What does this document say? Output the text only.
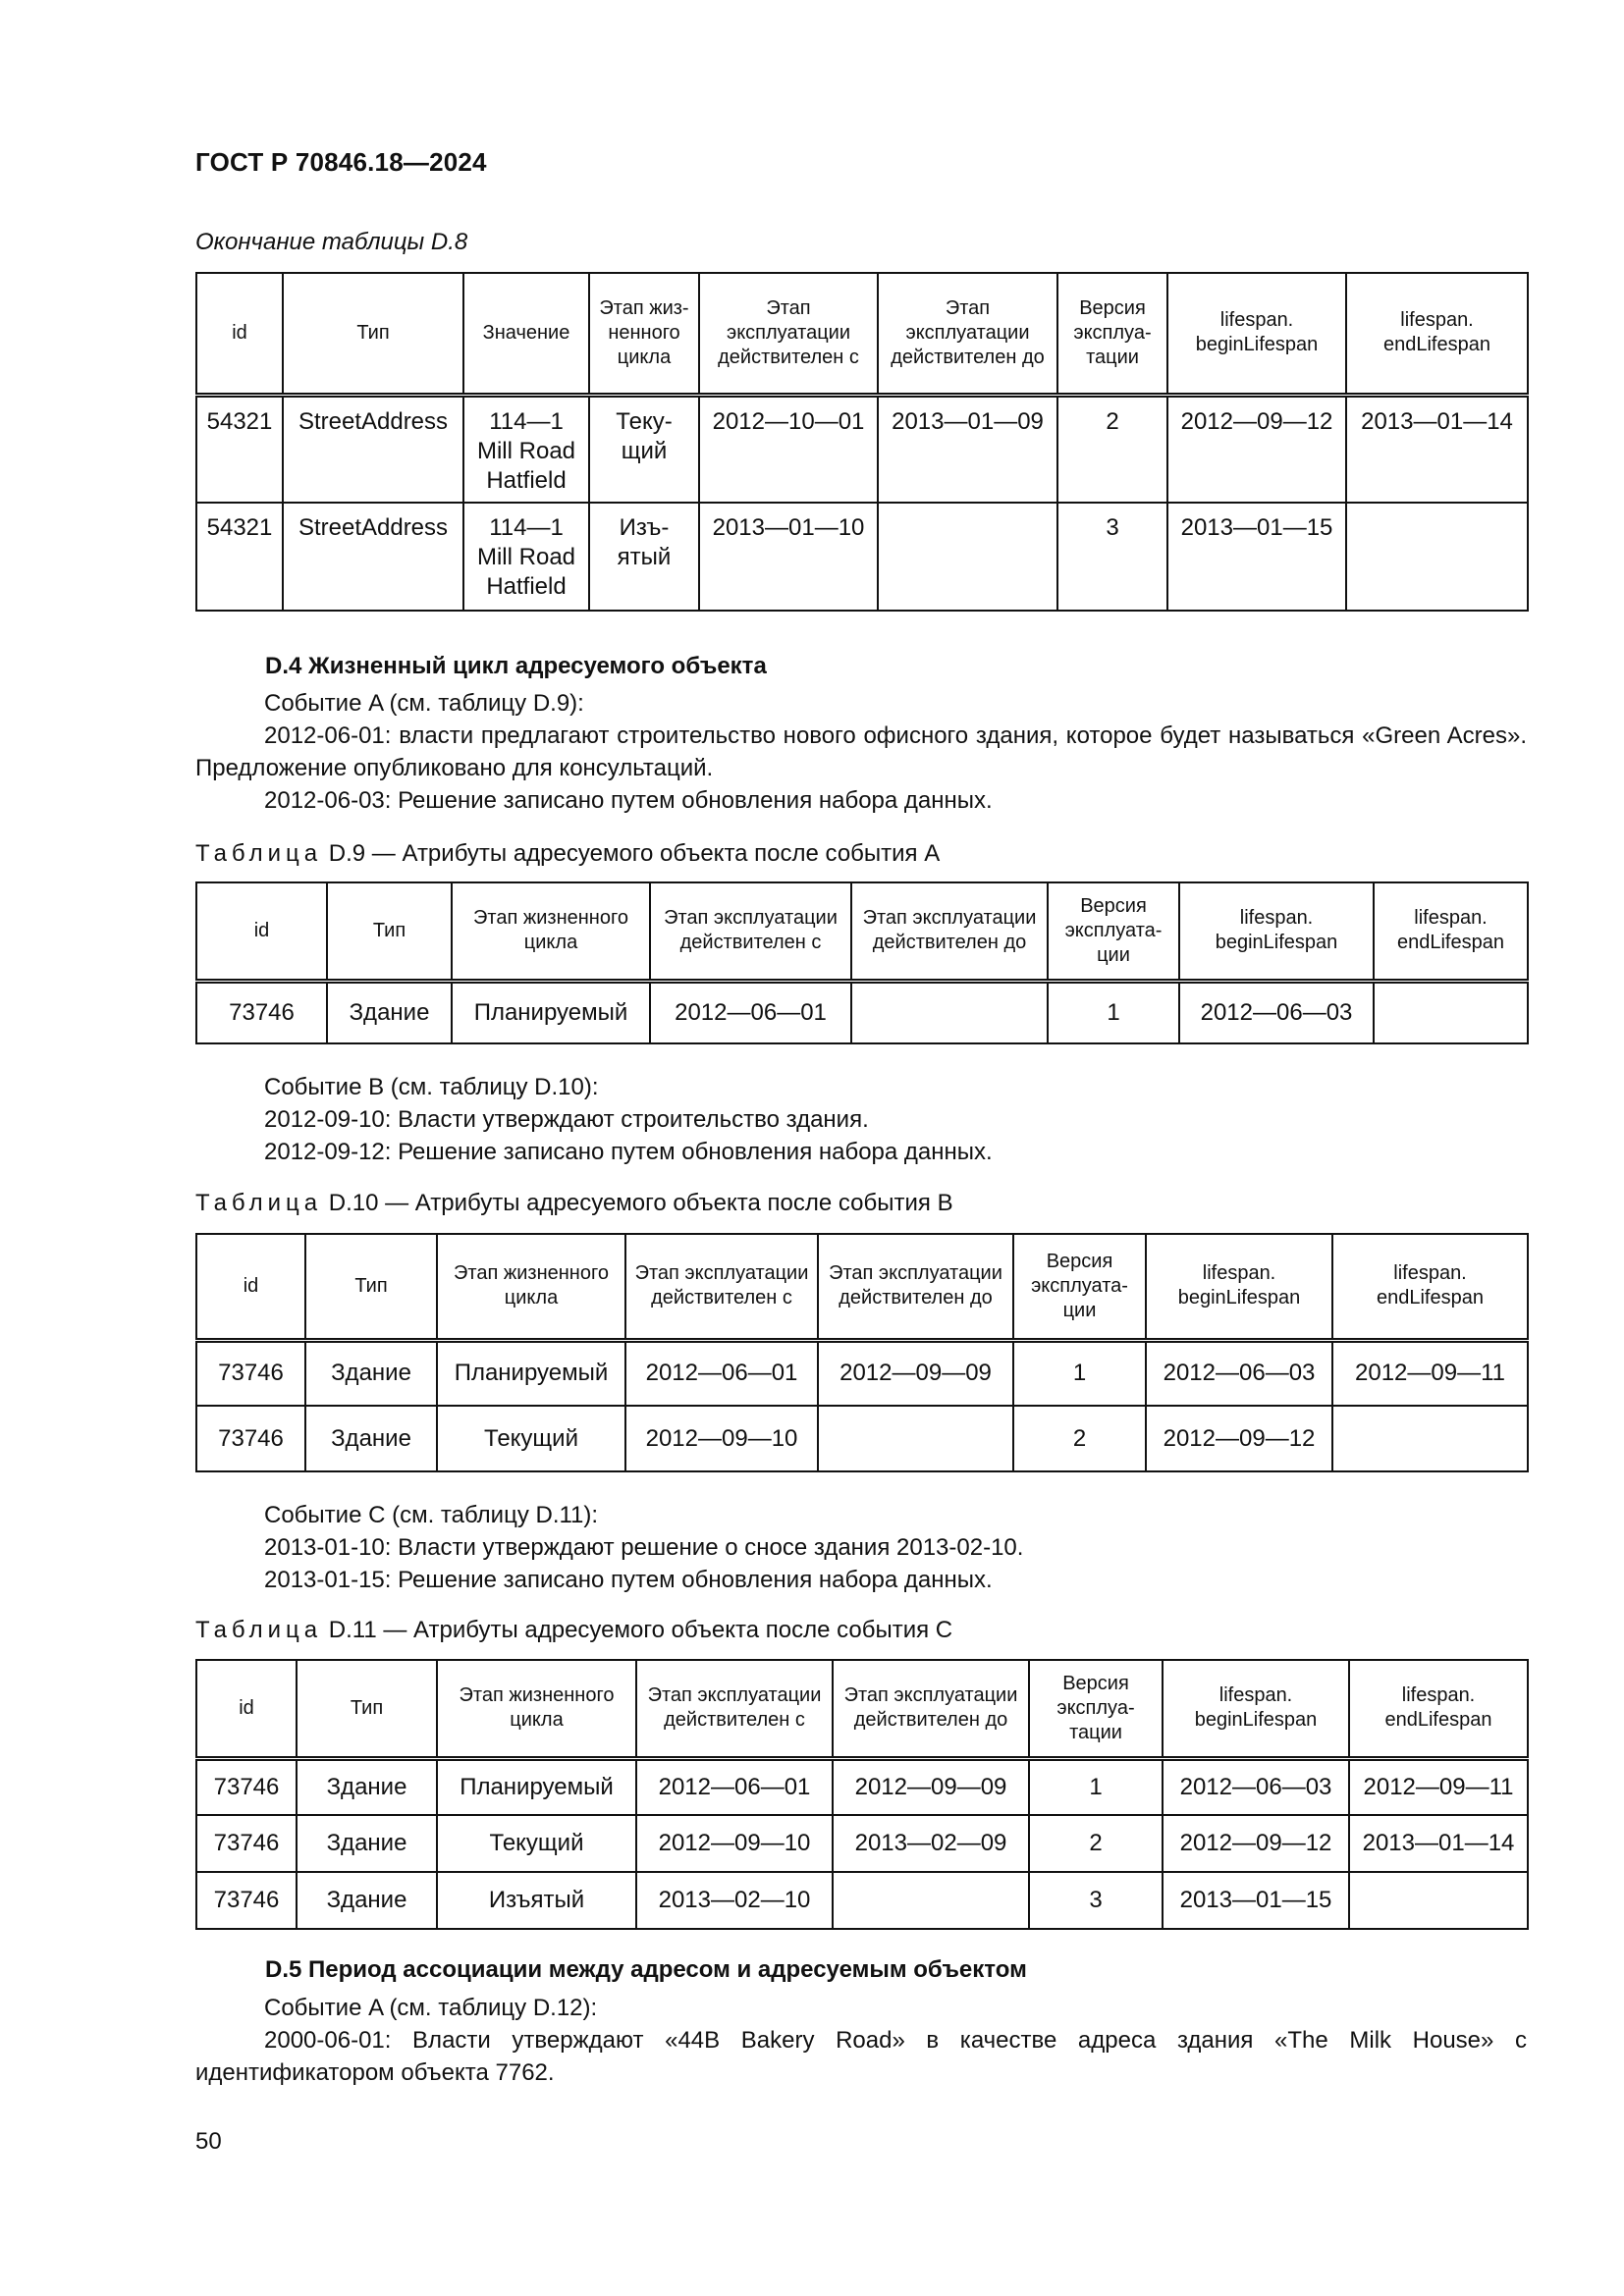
ГОСТ Р 70846.18—2024
Окончание таблицы D.8
id	Тип	Значение	Этап жиз-ненного цикла	Этап эксплуатации действителен с	Этап эксплуатации действителен до	Версия эксплуа-тации	lifespan. beginLifespan	lifespan. endLifespan
54321	StreetAddress	114—1 Mill Road Hatfield	Теку-щий	2012—10—01	2013—01—09	2	2012—09—12	2013—01—14
54321	StreetAddress	114—1 Mill Road Hatfield	Изъ-ятый	2013—01—10		3	2013—01—15	
D.4 Жизненный цикл адресуемого объекта

Событие A (см. таблицу D.9):

2012-06-01: власти предлагают строительство нового офисного здания, которое будет называться «Green Acres». Предложение опубликовано для консультаций.

2012-06-03: Решение записано путем обновления набора данных.

Таблица D.9 — Атрибуты адресуемого объекта после события A
id	Тип	Этап жизненного цикла	Этап эксплуатации действителен с	Этап эксплуатации действителен до	Версия эксплуата-ции	lifespan. beginLifespan	lifespan. endLifespan
73746	Здание	Планируемый	2012—06—01		1	2012—06—03	

Событие B (см. таблицу D.10):

2012-09-10: Власти утверждают строительство здания.

2012-09-12: Решение записано путем обновления набора данных.

Таблица D.10 — Атрибуты адресуемого объекта после события B
id	Тип	Этап жизненного цикла	Этап эксплуатации действителен с	Этап эксплуатации действителен до	Версия эксплуата-ции	lifespan. beginLifespan	lifespan. endLifespan
73746	Здание	Планируемый	2012—06—01	2012—09—09	1	2012—06—03	2012—09—11
73746	Здание	Текущий	2012—09—10		2	2012—09—12	

Событие C (см. таблицу D.11):

2013-01-10: Власти утверждают решение о сносе здания 2013-02-10.

2013-01-15: Решение записано путем обновления набора данных.

Таблица D.11 — Атрибуты адресуемого объекта после события C
id	Тип	Этап жизненного цикла	Этап эксплуатации действителен с	Этап эксплуатации действителен до	Версия эксплуа-тации	lifespan. beginLifespan	lifespan. endLifespan
73746	Здание	Планируемый	2012—06—01	2012—09—09	1	2012—06—03	2012—09—11
73746	Здание	Текущий	2012—09—10	2013—02—09	2	2012—09—12	2013—01—14
73746	Здание	Изъятый	2013—02—10		3	2013—01—15	
D.5 Период ассоциации между адресом и адресуемым объектом

Событие A (см. таблицу D.12):

2000-06-01: Власти утверждают «44B Bakery Road» в качестве адреса здания «The Milk House» с идентификатором объекта 7762.

50
